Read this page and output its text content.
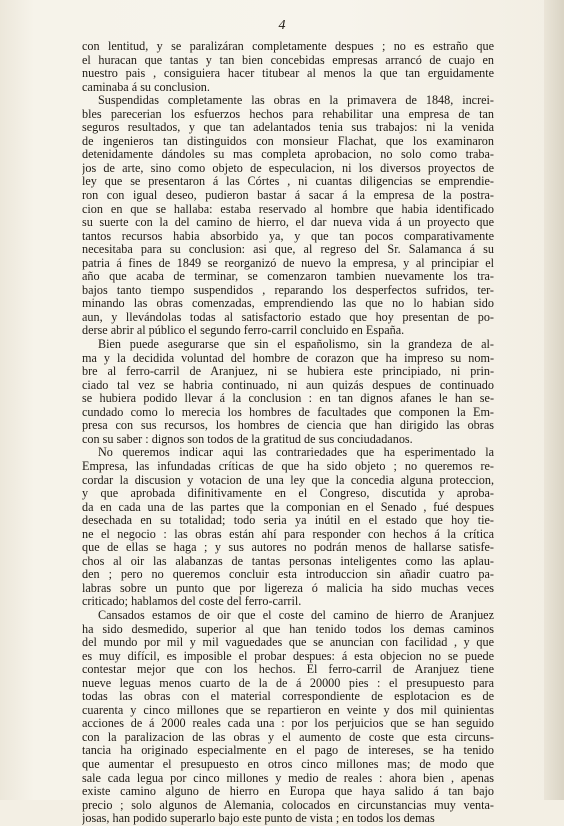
4

con lentitud, y se paralizáran completamente despues ; no es estraño que
el huracan que tantas y tan bien concebidas empresas arrancó de cuajo en
nuestro pais , consiguiera hacer titubear al menos la que tan erguidamente
caminaba á su conclusion.

Suspendidas completamente las obras en la primavera de 1848, increi-
bles parecerian los esfuerzos hechos para rehabilitar una empresa de tan
seguros resultados, y que tan adelantados tenia sus trabajos: ni la venida
de ingenieros tan distinguidos con monsieur Flachat, que los examinaron
detenidamente dándoles su mas completa aprobacion, no solo como traba-
jos de arte, sino como objeto de especulacion, ni los diversos proyectos de
ley que se presentaron á las Córtes , ni cuantas diligencias se emprendie-
ron con igual deseo, pudieron bastar á sacar á la empresa de la postra-
cion en que se hallaba: estaba reservado al hombre que habia identificado
su suerte con la del camino de hierro, el dar nueva vida á un proyecto que
tantos recursos habia absorbido ya, y que tan pocos comparativamente
necesitaba para su conclusion: asi que, al regreso del Sr. Salamanca á su
patria á fines de 1849 se reorganizó de nuevo la empresa, y al principiar el
año que acaba de terminar, se comenzaron tambien nuevamente los tra-
bajos tanto tiempo suspendidos , reparando los desperfectos sufridos, ter-
minando las obras comenzadas, emprendiendo las que no lo habian sido
aun, y llevándolas todas al satisfactorio estado que hoy presentan de po-
derse abrir al público el segundo ferro-carril concluido en España.

Bien puede asegurarse que sin el españolismo, sin la grandeza de al-
ma y la decidida voluntad del hombre de corazon que ha impreso su nom-
bre al ferro-carril de Aranjuez, ni se hubiera este principiado, ni prin-
ciado tal vez se habria continuado, ni aun quizás despues de continuado
se hubiera podido llevar á la conclusion : en tan dignos afanes le han se-
cundado como lo merecia los hombres de facultades que componen la Em-
presa con sus recursos, los hombres de ciencia que han dirigido las obras
con su saber : dignos son todos de la gratitud de sus conciudadanos.

No queremos indicar aqui las contrariedades que ha esperimentado la
Empresa, las infundadas críticas de que ha sido objeto ; no queremos re-
cordar la discusion y votacion de una ley que la concedia alguna proteccion,
y que aprobada difinitivamente en el Congreso, discutida y aproba-
da en cada una de las partes que la componian en el Senado , fué despues
desechada en su totalidad; todo seria ya inútil en el estado que hoy tie-
ne el negocio : las obras están ahí para responder con hechos á la crítica
que de ellas se haga ; y sus autores no podrán menos de hallarse satisfe-
chos al oir las alabanzas de tantas personas inteligentes como las aplau-
den ; pero no queremos concluir esta introduccion sin añadir cuatro pa-
labras sobre un punto que por ligereza ó malicia ha sido muchas veces
criticado; hablamos del coste del ferro-carril.

Cansados estamos de oir que el coste del camino de hierro de Aranjuez
ha sido desmedido, superior al que han tenido todos los demas caminos
del mundo por mil y mil vaguedades que se anuncian con facilidad , y que
es muy difícil, es imposible el probar despues: á esta objecion no se puede
contestar mejor que con los hechos. El ferro-carril de Aranjuez tiene
nueve leguas menos cuarto de la de á 20000 pies : el presupuesto para
todas las obras con el material correspondiente de esplotacion es de
cuarenta y cinco millones que se repartieron en veinte y dos mil quinientas
acciones de á 2000 reales cada una : por los perjuicios que se han seguido
con la paralizacion de las obras y el aumento de coste que esta circuns-
tancia ha originado especialmente en el pago de intereses, se ha tenido
que aumentar el presupuesto en otros cinco millones mas; de modo que
sale cada legua por cinco millones y medio de reales : ahora bien , apenas
existe camino alguno de hierro en Europa que haya salido á tan bajo
precio ; solo algunos de Alemania, colocados en circunstancias muy venta-
josas, han podido superarlo bajo este punto de vista ; en todos los demas
